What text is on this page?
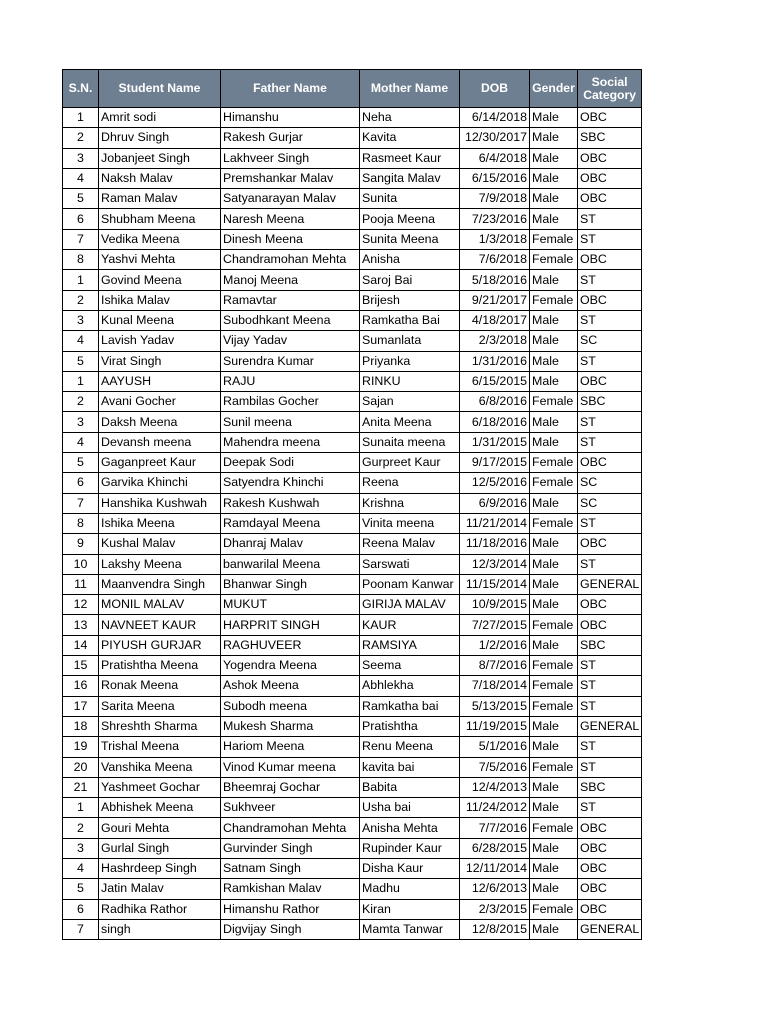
S.N.	Student Name	Father Name	Mother Name	DOB	Gender	Social
Category
1	Amrit sodi	Himanshu	Neha	6/14/2018	Male	OBC
2	Dhruv Singh	Rakesh Gurjar	Kavita	12/30/2017	Male	SBC
3	Jobanjeet Singh	Lakhveer Singh	Rasmeet Kaur	6/4/2018	Male	OBC
4	Naksh Malav	Premshankar Malav	Sangita Malav	6/15/2016	Male	OBC
5	Raman Malav	Satyanarayan Malav	Sunita	7/9/2018	Male	OBC
6	Shubham Meena	Naresh Meena	Pooja Meena	7/23/2016	Male	ST
7	Vedika Meena	Dinesh Meena	Sunita Meena	1/3/2018	Female	ST
8	Yashvi Mehta	Chandramohan Mehta	Anisha	7/6/2018	Female	OBC
1	Govind Meena	Manoj Meena	Saroj Bai	5/18/2016	Male	ST
2	Ishika Malav	Ramavtar	Brijesh	9/21/2017	Female	OBC
3	Kunal Meena	Subodhkant Meena	Ramkatha Bai	4/18/2017	Male	ST
4	Lavish Yadav	Vijay Yadav	Sumanlata	2/3/2018	Male	SC
5	Virat Singh	Surendra Kumar	Priyanka	1/31/2016	Male	ST
1	AAYUSH	RAJU	RINKU	6/15/2015	Male	OBC
2	Avani Gocher	Rambilas Gocher	Sajan	6/8/2016	Female	SBC
3	Daksh Meena	Sunil meena	Anita Meena	6/18/2016	Male	ST
4	Devansh meena	Mahendra meena	Sunaita meena	1/31/2015	Male	ST
5	Gaganpreet Kaur	Deepak Sodi	Gurpreet Kaur	9/17/2015	Female	OBC
6	Garvika Khinchi	Satyendra Khinchi	Reena	12/5/2016	Female	SC
7	Hanshika Kushwah	Rakesh Kushwah	Krishna	6/9/2016	Male	SC
8	Ishika Meena	Ramdayal Meena	Vinita meena	11/21/2014	Female	ST
9	Kushal Malav	Dhanraj Malav	Reena Malav	11/18/2016	Male	OBC
10	Lakshy Meena	banwarilal Meena	Sarswati	12/3/2014	Male	ST
11	Maanvendra Singh	Bhanwar Singh	Poonam Kanwar	11/15/2014	Male	GENERAL
12	MONIL MALAV	MUKUT	GIRIJA MALAV	10/9/2015	Male	OBC
13	NAVNEET KAUR	HARPRIT SINGH	KAUR	7/27/2015	Female	OBC
14	PIYUSH GURJAR	RAGHUVEER	RAMSIYA	1/2/2016	Male	SBC
15	Pratishtha Meena	Yogendra Meena	Seema	8/7/2016	Female	ST
16	Ronak Meena	Ashok Meena	Abhlekha	7/18/2014	Female	ST
17	Sarita Meena	Subodh meena	Ramkatha bai	5/13/2015	Female	ST
18	Shreshth Sharma	Mukesh Sharma	Pratishtha	11/19/2015	Male	GENERAL
19	Trishal Meena	Hariom Meena	Renu Meena	5/1/2016	Male	ST
20	Vanshika Meena	Vinod Kumar meena	kavita bai	7/5/2016	Female	ST
21	Yashmeet Gochar	Bheemraj Gochar	Babita	12/4/2013	Male	SBC
1	Abhishek Meena	Sukhveer	Usha bai	11/24/2012	Male	ST
2	Gouri Mehta	Chandramohan Mehta	Anisha Mehta	7/7/2016	Female	OBC
3	Gurlal Singh	Gurvinder Singh	Rupinder Kaur	6/28/2015	Male	OBC
4	Hashrdeep Singh	Satnam Singh	Disha Kaur	12/11/2014	Male	OBC
5	Jatin Malav	Ramkishan Malav	Madhu	12/6/2013	Male	OBC
6	Radhika Rathor	Himanshu Rathor	Kiran	2/3/2015	Female	OBC
7	singh	Digvijay Singh	Mamta Tanwar	12/8/2015	Male	GENERAL
